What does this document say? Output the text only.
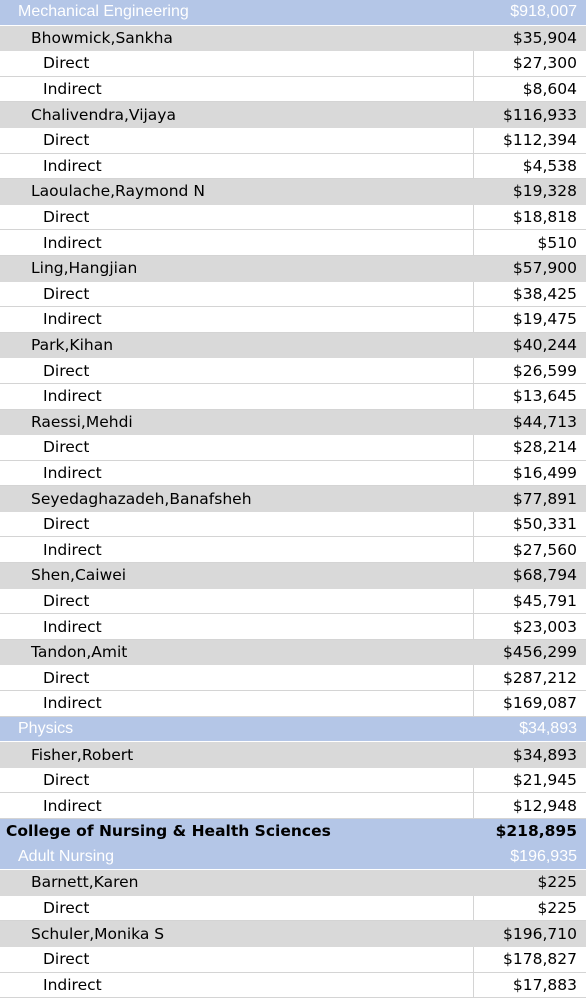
Mechanical Engineering	$918,007
Bhowmick,Sankha	$35,904
Direct	$27,300
Indirect	$8,604
Chalivendra,Vijaya	$116,933
Direct	$112,394
Indirect	$4,538
Laoulache,Raymond N	$19,328
Direct	$18,818
Indirect	$510
Ling,Hangjian	$57,900
Direct	$38,425
Indirect	$19,475
Park,Kihan	$40,244
Direct	$26,599
Indirect	$13,645
Raessi,Mehdi	$44,713
Direct	$28,214
Indirect	$16,499
Seyedaghazadeh,Banafsheh	$77,891
Direct	$50,331
Indirect	$27,560
Shen,Caiwei	$68,794
Direct	$45,791
Indirect	$23,003
Tandon,Amit	$456,299
Direct	$287,212
Indirect	$169,087
Physics	$34,893
Fisher,Robert	$34,893
Direct	$21,945
Indirect	$12,948
College of Nursing & Health Sciences	$218,895
Adult Nursing	$196,935
Barnett,Karen	$225
Direct	$225
Schuler,Monika S	$196,710
Direct	$178,827
Indirect	$17,883
